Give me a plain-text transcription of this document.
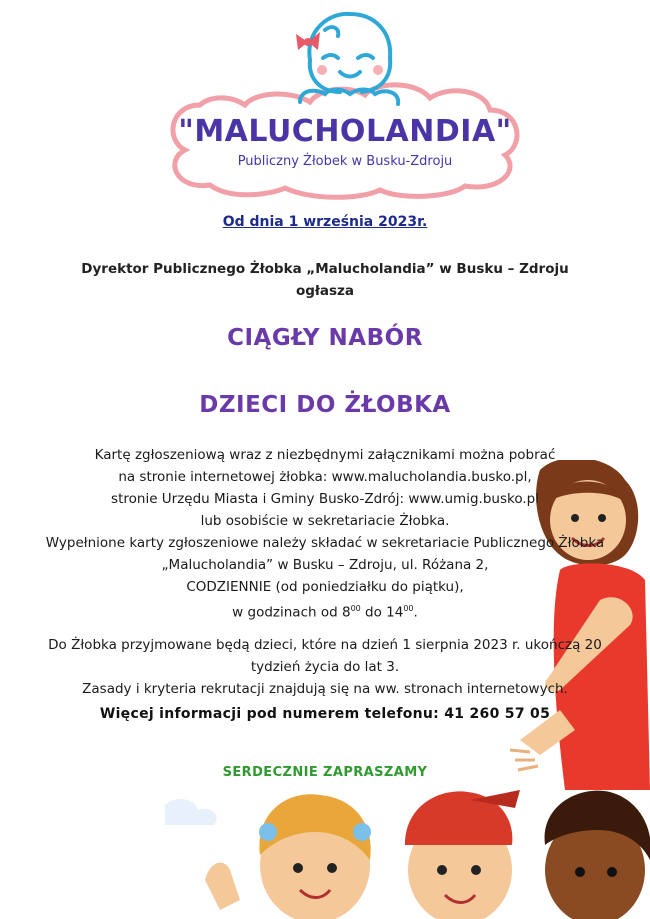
"MALUCHOLANDIA"
Publiczny Żłobek w Busku-Zdroju
Od dnia 1 września 2023r.
Dyrektor Publicznego Żłobka „Malucholandia” w Busku – Zdroju
ogłasza
CIĄGŁY NABÓR
DZIECI DO ŻŁOBKA
Kartę zgłoszeniową wraz z niezbędnymi załącznikami można pobrać
na stronie internetowej żłobka: www.malucholandia.busko.pl,
stronie Urzędu Miasta i Gminy Busko-Zdrój: www.umig.busko.pl
lub osobiście w sekretariacie Żłobka.
Wypełnione karty zgłoszeniowe należy składać w sekretariacie Publicznego Żłobka
„Malucholandia” w Busku – Zdroju, ul. Różana 2,
CODZIENNIE (od poniedziałku do piątku),
w godzinach od $8^{00}$ do $14^{00}$.
Do Żłobka przyjmowane będą dzieci, które na dzień 1 sierpnia 2023 r. ukończą 20
tydzień życia do lat 3.
Zasady i kryteria rekrutacji znajdują się na ww. stronach internetowych.
Więcej informacji pod numerem telefonu: 41 260 57 05
SERDECZNIE ZAPRASZAMY
